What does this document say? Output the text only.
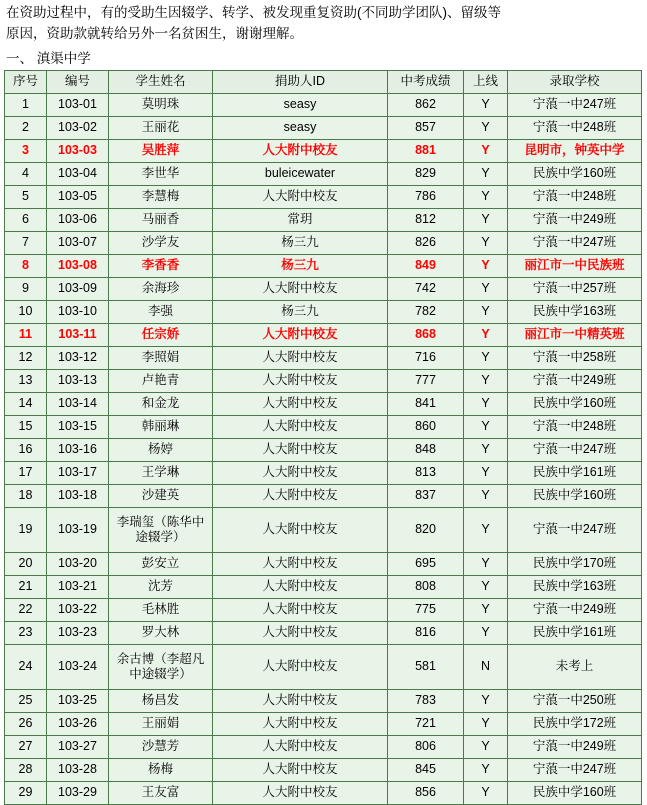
在资助过程中，有的受助生因辍学、转学、被发现重复资助(不同助学团队)、留级等

原因，资助款就转给另外一名贫困生，谢谢理解。

一、 滇渠中学
序号	编号	学生姓名	捐助人ID	中考成绩	上线	录取学校
1	103-01	莫明珠	seasy	862	Y	宁蒗一中247班
2	103-02	王丽花	seasy	857	Y	宁蒗一中248班
3	103-03	吴胜萍	人大附中校友	881	Y	昆明市，钟英中学
4	103-04	李世华	buleicewater	829	Y	民族中学160班
5	103-05	李慧梅	人大附中校友	786	Y	宁蒗一中248班
6	103-06	马丽香	常玥	812	Y	宁蒗一中249班
7	103-07	沙学友	杨三九	826	Y	宁蒗一中247班
8	103-08	李香香	杨三九	849	Y	丽江市一中民族班
9	103-09	余海珍	人大附中校友	742	Y	宁蒗一中257班
10	103-10	李强	杨三九	782	Y	民族中学163班
11	103-11	任宗娇	人大附中校友	868	Y	丽江市一中精英班
12	103-12	李照娟	人大附中校友	716	Y	宁蒗一中258班
13	103-13	卢艳青	人大附中校友	777	Y	宁蒗一中249班
14	103-14	和金龙	人大附中校友	841	Y	民族中学160班
15	103-15	韩丽琳	人大附中校友	860	Y	宁蒗一中248班
16	103-16	杨婷	人大附中校友	848	Y	宁蒗一中247班
17	103-17	王学琳	人大附中校友	813	Y	民族中学161班
18	103-18	沙建英	人大附中校友	837	Y	民族中学160班
19	103-19	李瑞玺（陈华中途辍学）	人大附中校友	820	Y	宁蒗一中247班
20	103-20	彭安立	人大附中校友	695	Y	民族中学170班
21	103-21	沈芳	人大附中校友	808	Y	民族中学163班
22	103-22	毛林胜	人大附中校友	775	Y	宁蒗一中249班
23	103-23	罗大林	人大附中校友	816	Y	民族中学161班
24	103-24	余古博（李超凡中途辍学）	人大附中校友	581	N	未考上
25	103-25	杨昌发	人大附中校友	783	Y	宁蒗一中250班
26	103-26	王丽娟	人大附中校友	721	Y	民族中学172班
27	103-27	沙慧芳	人大附中校友	806	Y	宁蒗一中249班
28	103-28	杨梅	人大附中校友	845	Y	宁蒗一中247班
29	103-29	王友富	人大附中校友	856	Y	民族中学160班
